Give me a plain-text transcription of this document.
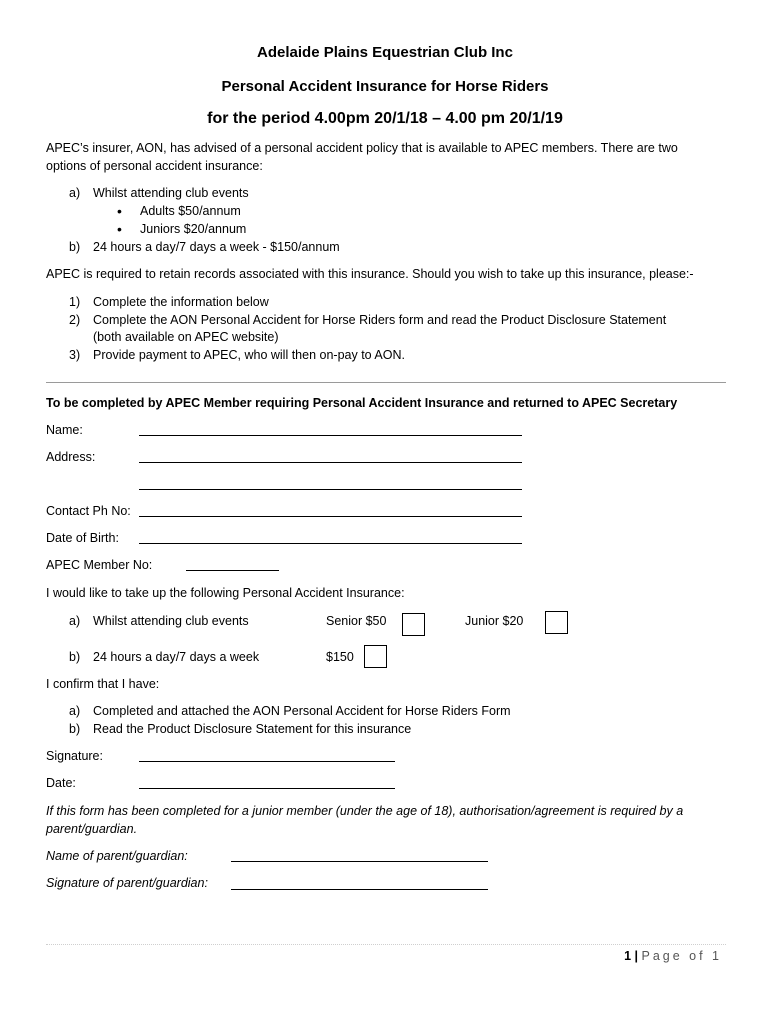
Adelaide Plains Equestrian Club Inc
Personal Accident Insurance for Horse Riders
for the period 4.00pm 20/1/18 – 4.00 pm 20/1/19
APEC’s insurer, AON, has advised of a personal accident policy that is available to APEC members. There are two
options of personal accident insurance:
a) Whilst attending club events
• Adults $50/annum
• Juniors $20/annum
b) 24 hours a day/7 days a week - $150/annum
APEC is required to retain records associated with this insurance. Should you wish to take up this insurance, please:-
1) Complete the information below
2) Complete the AON Personal Accident for Horse Riders form and read the Product Disclosure Statement
(both available on APEC website)
3) Provide payment to APEC, who will then on-pay to AON.
To be completed by APEC Member requiring Personal Accident Insurance and returned to APEC Secretary
Name:
Address:
Contact Ph No:
Date of Birth:
APEC Member No:
I would like to take up the following Personal Accident Insurance:
a) Whilst attending club events	Senior $50	Junior $20
b) 24 hours a day/7 days a week	$150
I confirm that I have:
a) Completed and attached the AON Personal Accident for Horse Riders Form
b) Read the Product Disclosure Statement for this insurance
Signature:
Date:
If this form has been completed for a junior member (under the age of 18), authorisation/agreement is required by a
parent/guardian.
Name of parent/guardian:
Signature of parent/guardian:
1 | Page of 1
